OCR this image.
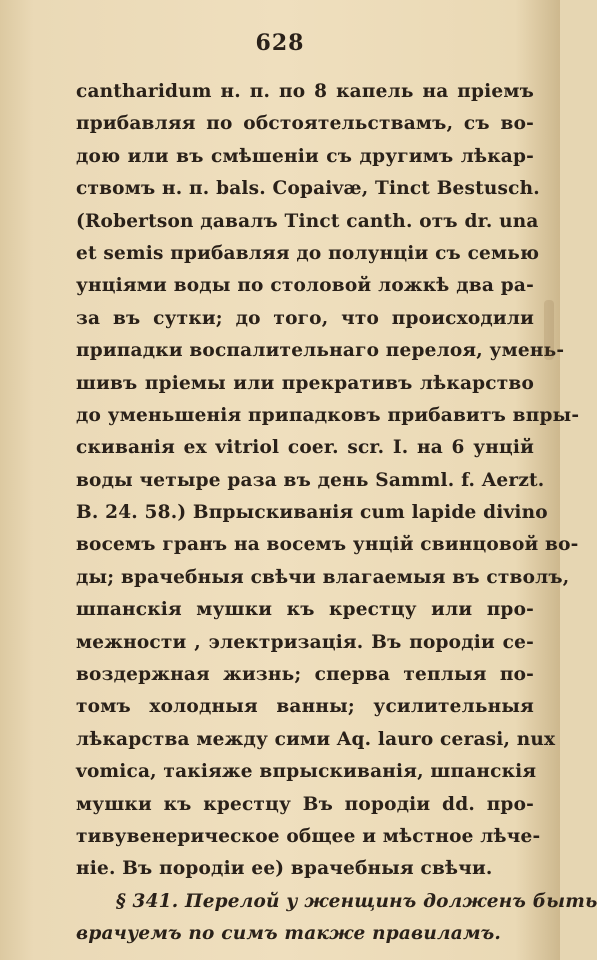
628
cantharidum н. п. по 8 капель на пріемъ
прибавляя по обстоятельствамъ, съ во-
дою или въ смѣшеніи съ другимъ лѣкар-
ствомъ н. п. bals. Copaivæ, Tinct Bestusch.
(Robertson давалъ Tinct canth. отъ dr. una
et semis прибавляя до полунціи съ семью
унціями воды по столовой ложкѣ два ра-
за въ сутки; до того, что происходили
припадки воспалительнаго перелоя, умень-
шивъ пріемы или прекративъ лѣкарство
до уменьшенія припадковъ прибавитъ впры-
скиванія ex vitriol coer. scr. I. на 6 унцій
воды четыре раза въ день Samml. f. Aerzt.
B. 24. 58.) Впрыскиванія cum lapide divino
восемъ гранъ на восемъ унцій свинцовой во-
ды; врачебныя свѣчи влагаемыя въ стволъ,
шпанскія мушки къ крестцу или про-
межности , электризація. Въ породіи се-
воздержная жизнь; сперва теплыя по-
томъ холодныя ванны; усилительныя
лѣкарства между сими Aq. lauro cerasi, nux
vomica, такіяже впрыскиванія, шпанскія
мушки къ крестцу Въ породіи dd. про-
тивувенерическое общее и мѣстное лѣче-
ніе. Въ породіи ee) врачебныя свѣчи.
§ 341. Перелой у женщинъ долженъ быть
врачуемъ по симъ также правиламъ.
